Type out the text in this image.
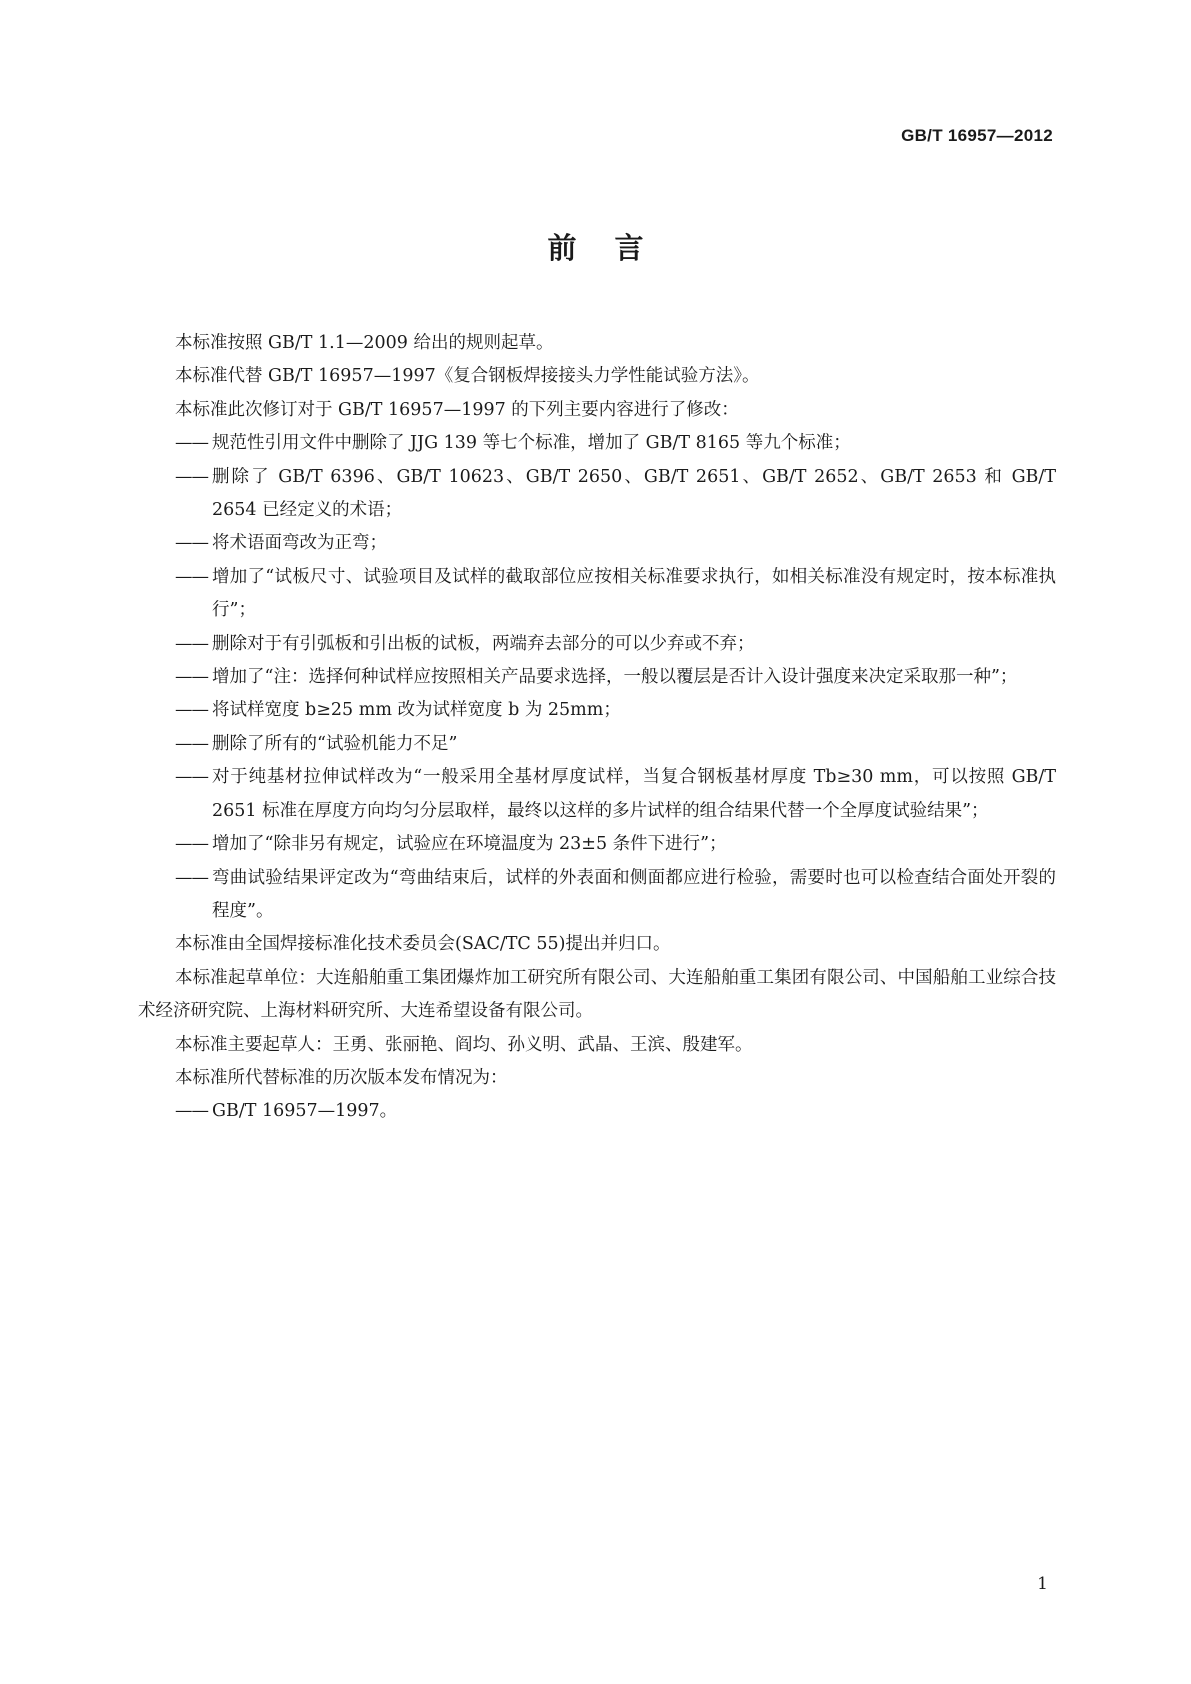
GB/T 16957—2012
前言
本标准按照 GB/T 1.1—2009 给出的规则起草。
本标准代替 GB/T 16957—1997《复合钢板焊接接头力学性能试验方法》。
本标准此次修订对于 GB/T 16957—1997 的下列主要内容进行了修改：
—— 规范性引用文件中删除了 JJG 139 等七个标准，增加了 GB/T 8165 等九个标准；
—— 删除了 GB/T 6396、GB/T 10623、GB/T 2650、GB/T 2651、GB/T 2652、GB/T 2653 和 GB/T 2654 已经定义的术语；
—— 将术语面弯改为正弯；
—— 增加了“试板尺寸、试验项目及试样的截取部位应按相关标准要求执行，如相关标准没有规定时，按本标准执行”；
—— 删除对于有引弧板和引出板的试板，两端弃去部分的可以少弃或不弃；
—— 增加了“注：选择何种试样应按照相关产品要求选择，一般以覆层是否计入设计强度来决定采取那一种”；
—— 将试样宽度 b≥25 mm 改为试样宽度 b 为 25mm；
—— 删除了所有的“试验机能力不足”
—— 对于纯基材拉伸试样改为“一般采用全基材厚度试样，当复合钢板基材厚度 Tb≥30 mm，可以按照 GB/T 2651 标准在厚度方向均匀分层取样，最终以这样的多片试样的组合结果代替一个全厚度试验结果”；
—— 增加了“除非另有规定，试验应在环境温度为 23±5 条件下进行”；
—— 弯曲试验结果评定改为“弯曲结束后，试样的外表面和侧面都应进行检验，需要时也可以检查结合面处开裂的程度”。
本标准由全国焊接标准化技术委员会(SAC/TC 55)提出并归口。
本标准起草单位：大连船舶重工集团爆炸加工研究所有限公司、大连船舶重工集团有限公司、中国船舶工业综合技术经济研究院、上海材料研究所、大连希望设备有限公司。
本标准主要起草人：王勇、张丽艳、阎均、孙义明、武晶、王滨、殷建军。
本标准所代替标准的历次版本发布情况为：
—— GB/T 16957—1997。
1
